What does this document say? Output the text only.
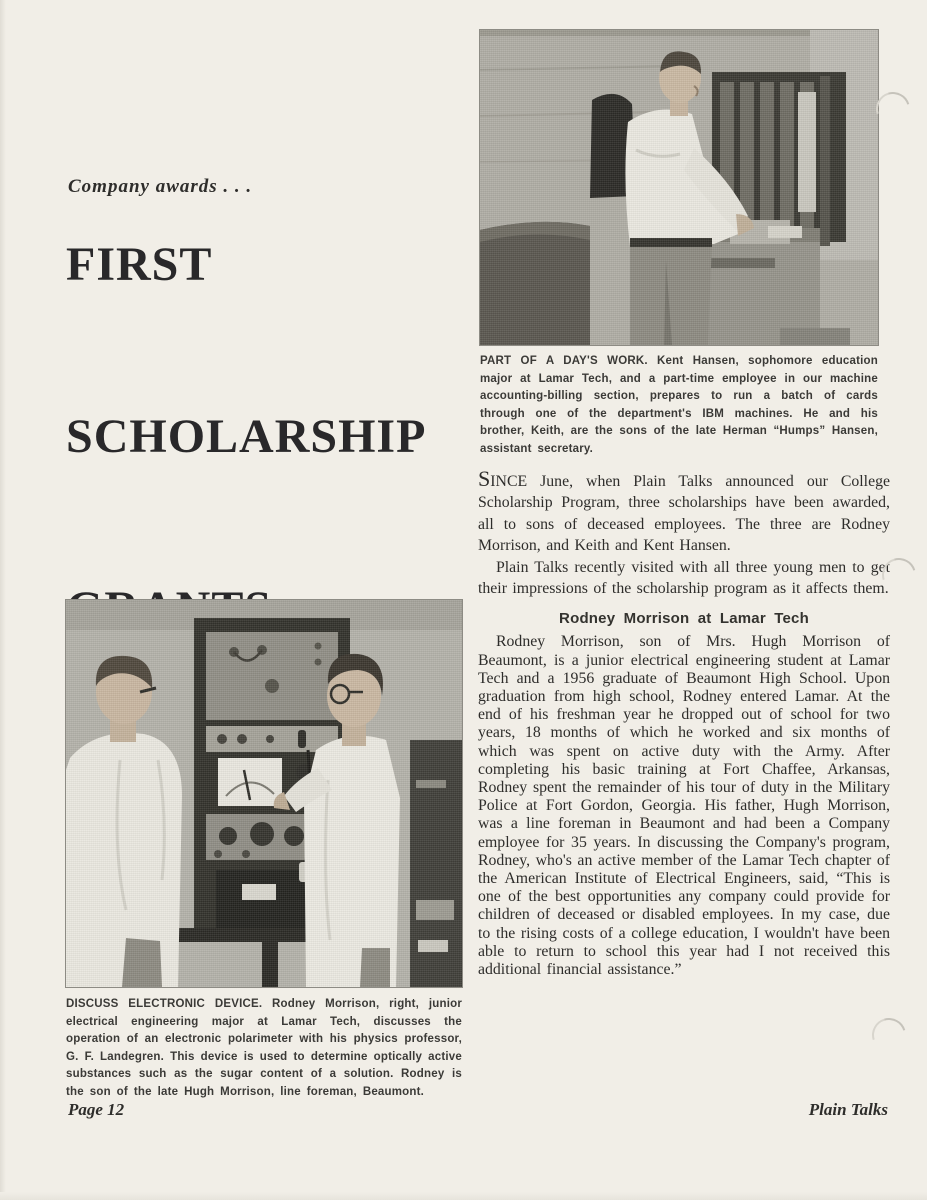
Company awards . . .
FIRST

SCHOLARSHIP

PART OF A DAY'S WORK. Kent Hansen, sophomore education major at Lamar Tech, and a part-time employee in our machine accounting-billing section, prepares to run a batch of cards through one of the department's IBM machines. He and his brother, Keith, are the sons of the late Herman “Humps” Hansen, assistant secretary.

SINCE June, when Plain Talks announced our College Scholarship Program, three scholarships have been awarded, all to sons of deceased employees. The three are Rodney Morrison, and Keith and Kent Hansen.

Plain Talks recently visited with all three young men to get their impressions of the scholarship program as it affects them.

Rodney Morrison at Lamar Tech

Rodney Morrison, son of Mrs. Hugh Morrison of Beaumont, is a junior electrical engineering student at Lamar Tech and a 1956 graduate of Beaumont High School. Upon graduation from high school, Rodney entered Lamar. At the end of his freshman year he dropped out of school for two years, 18 months of which he worked and six months of which was spent on active duty with the Army. After completing his basic training at Fort Chaffee, Arkansas, Rodney spent the remainder of his tour of duty in the Military Police at Fort Gordon, Georgia. His father, Hugh Morrison, was a line foreman in Beaumont and had been a Company employee for 35 years. In discussing the Company's program, Rodney, who's an active member of the Lamar Tech chapter of the American Institute of Electrical Engineers, said, “This is one of the best opportunities any company could provide for children of deceased or disabled employees. In my case, due to the rising costs of a college education, I wouldn't have been able to return to school this year had I not received this additional financial assistance.”

DISCUSS ELECTRONIC DEVICE. Rodney Morrison, right, junior electrical engineering major at Lamar Tech, discusses the operation of an electronic polarimeter with his physics professor, G. F. Landegren. This device is used to determine optically active substances such as the sugar content of a solution. Rodney is the son of the late Hugh Morrison, line foreman, Beaumont.
Page 12	Plain Talks
